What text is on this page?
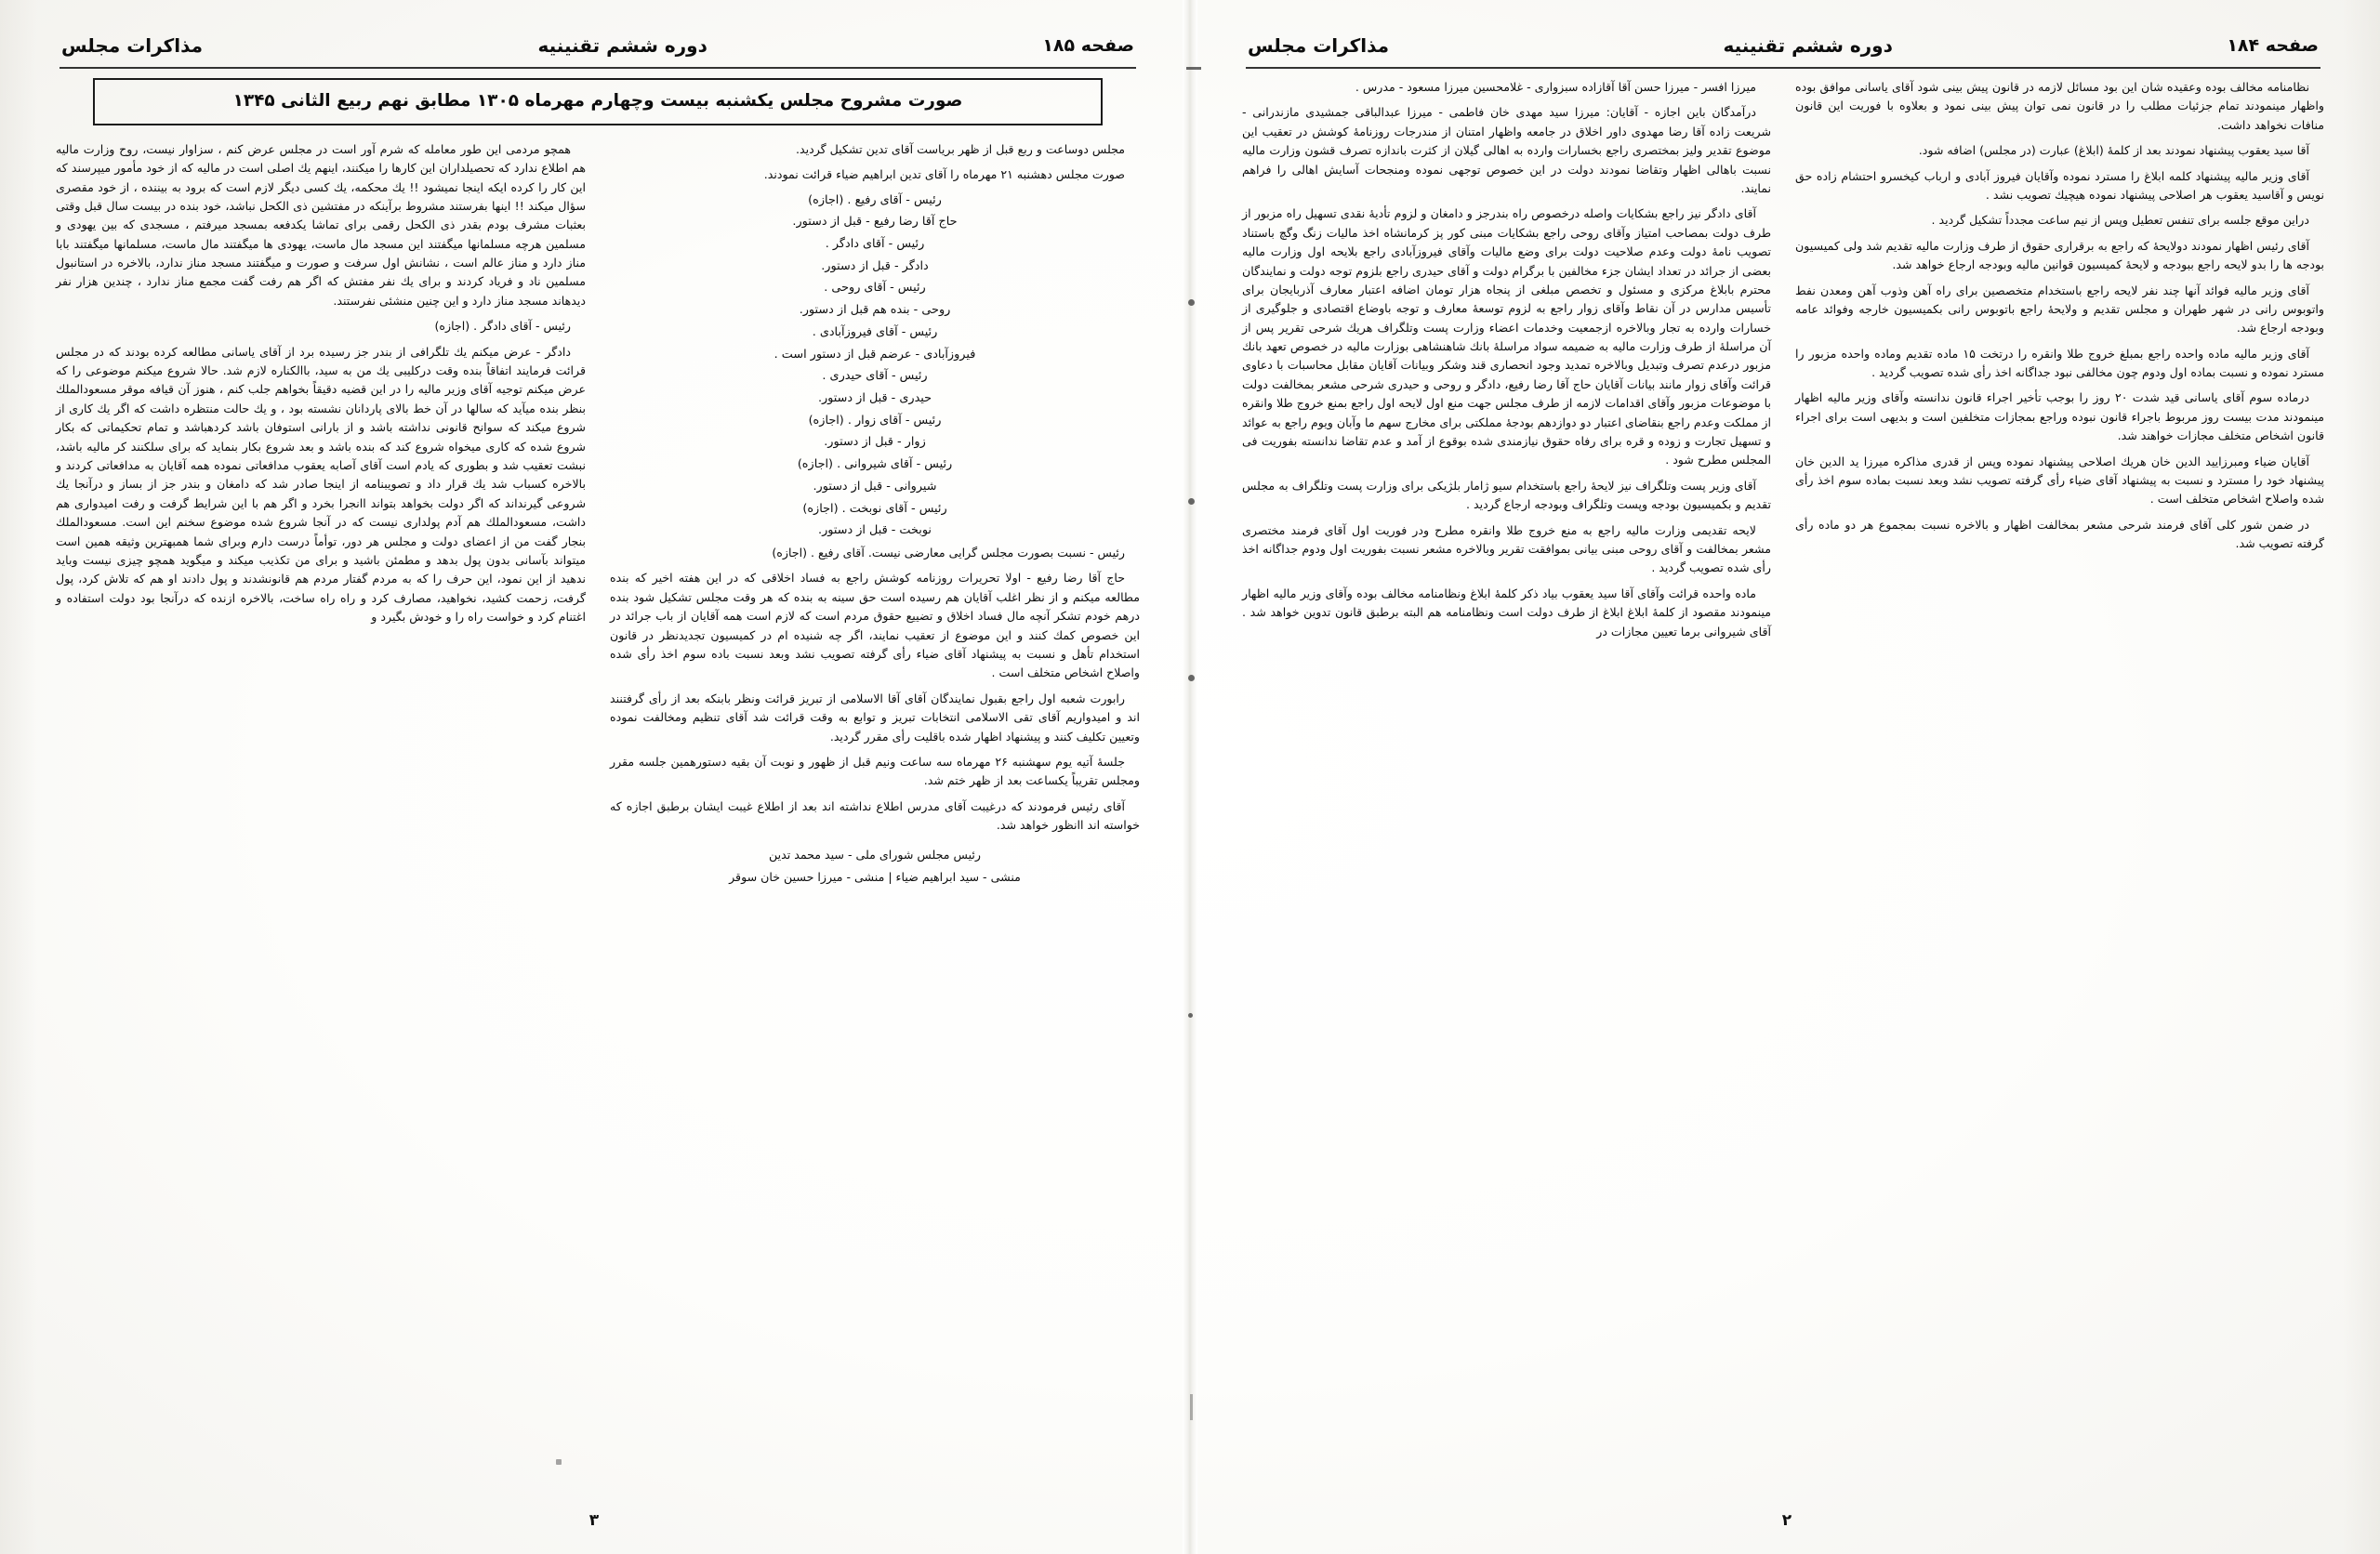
صفحه ۱۸۵
دوره ششم تقنينيه
مذاكرات مجلس
صورت مشروح مجلس يكشنبه بيست وچهارم مهرماه ۱۳۰۵ مطابق نهم ربيع الثانی ۱۳۴۵

مجلس دوساعت و ربع قبل از ظهر برياست آقای تدين تشكيل گرديد.

صورت مجلس دهشنبه ۲۱ مهرماه را آقای تدين ابراهيم ضياء قرائت نمودند.

رئيس - آقای رفيع . (اجازه)

حاج آقا رضا رفيع - قبل از دستور.

رئيس - آقای دادگر .

دادگر - قبل از دستور.

رئيس - آقای روحی .

روحی - بنده هم قبل از دستور.

رئيس - آقای فيروزآبادی .

فيروزآبادی - عرضم قبل از دستور است .

رئيس - آقای حيدری .

حيدری - قبل از دستور.

رئيس - آقای زوار . (اجازه)

زوار - قبل از دستور.

رئيس - آقای شيروانی . (اجازه)

شيروانی - قبل از دستور.

رئيس - آقای نوبخت . (اجازه)

نوبخت - قبل از دستور.

رئيس - نسبت بصورت مجلس گرايی معارضی نيست. آقای رفيع . (اجازه)

حاج آقا رضا رفيع - اولا تحريرات روزنامه كوشش راجع به فساد اخلاقی كه در اين هفته اخير كه بنده مطالعه ميكنم و از نظر اغلب آقايان هم رسيده است حق سينه به بنده كه هر وقت مجلس تشكيل شود بنده درهم خودم تشكر آنچه مال فساد اخلاق و تضييع حقوق مردم است كه لازم است همه آقايان از باب جرائد در اين خصوص كمك كنند و اين موضوع از تعقيب نمايند، اگر چه شنيده ام در كميسيون تجديدنظر در قانون استخدام تأهل و نسبت به پيشنهاد آقای ضياء رأی گرفته تصويب نشد وبعد نسبت باده سوم اخذ رأی شده واصلاح اشخاص متخلف است .

رابورت شعبه اول راجع بقبول نمايندگان آقای آقا الاسلامی از تبريز قرائت ونظر بابنكه بعد از رأی گرفتنند اند و اميدواريم آقای تقی الاسلامی انتخابات تبريز و توابع به وقت قرائت شد آقای تنظيم ومخالفت نموده وتعيين تكليف كنند و پيشنهاد اظهار شده باقليت رأی مقرر گرديد.

جلسهٔ آتيه يوم سهشنبه ۲۶ مهرماه سه ساعت ونيم قبل از ظهور و نوبت آن بقيه دستورهمين جلسه مقرر ومجلس تقريباً يكساعت بعد از ظهر ختم شد.

آقای رئيس فرمودند كه درغيبت آقای مدرس اطلاع نداشته اند بعد از اطلاع غيبت ايشان برطبق اجازه كه خواسته اند اانظور خواهد شد.

رئيس مجلس شورای ملی - سيد محمد تدين

منشی - سيد ابراهيم ضياء | منشی - ميرزا حسين خان سوقر

همچو مردمی اين طور معامله كه شرم آور است در مجلس عرض كنم ، سزاوار نيست، روح وزارت ماليه هم اطلاع ندارد كه تحصيلداران اين كارها را ميكنند، اينهم يك اصلی است در ماليه كه از خود مأمور ميپرسند كه اين كار را كرده ايكه اينجا نميشود !! يك محكمه، يك كسی ديگر لازم است كه برود به بيننده ، از خود مقصری سؤال ميكند !! اينها بفرستند مشروط برآينكه در مفتشين ذی الكحل نباشد، خود بنده در بيست سال قبل وقتی بعثبات مشرف بودم بقدر ذی الكحل رقمی برای تماشا يكدفعه بمسجد ميرفتم ، مسجدی كه بين يهودی و مسلمين هرچه مسلمانها ميگفتند اين مسجد مال ماست، يهودی ها ميگفتند مال ماست، مسلمانها ميگفتند بابا مناز دارد و مناز عالم است ، نشانش اول سرفت و صورت و ميگفتند مسجد مناز ندارد، بالاخره در استانبول مسلمين ناد و فرياد كردند و برای يك نفر مفتش كه اگر هم رفت گفت مجمع مناز ندارد ، چندين هزار نفر ديدهاند مسجد مناز دارد و اين چنين منشئی نفرستند.

رئيس - آقای دادگر . (اجازه)

دادگر - عرض ميكنم يك تلگرافی از بندر جز رسيده برد از آقای ياسانی مطالعه كرده بودند كه در مجلس قرائت فرمايند اتفاقاً بنده وقت دركليبی يك من به سيد، باالكناره لازم شد. حالا شروع ميكنم موضوعی را كه عرض ميكنم توجيه آقای وزير ماليه را در اين قضيه دقيقاً بخواهم جلب كنم ، هنوز آن قيافه موقر مسعودالملك بنظر بنده ميآيد كه سالها در آن خط بالای پاردانان نشسته بود ، و يك حالت منتظره داشت كه اگر يك كاری از شروع ميكند كه سوانح قانونی نداشته باشد و از بارانی استوفان باشد كردهباشد و تمام تحكيماتی كه بكار شروع شده كه كاری ميخواه شروع كند كه بنده باشد و بعد شروع بكار بنمايد كه برای سلكنند كر ماليه باشد، نبشت تعقيب شد و بطوری كه يادم است آقای آصابه يعقوب مدافعاتی نموده همه آقايان به مدافعاتی كردند و بالاخره كسباب شد يك قرار داد و تصويبنامه از اينجا صادر شد كه دامغان و بندر جز از بساز و درآنجا يك شروعی گيرنداند كه اگر دولت بخواهد بتواند اانجرا بخرد و اگر هم با اين شرايط گرفت و رفت اميدواری هم داشت، مسعودالملك هم آدم پولداری نيست كه در آنجا شروع شده موضوع سخنم اين است. مسعودالملك بنجار گفت من از اعضای دولت و مجلس هر دور، توأماً درست دارم وبرای شما همبهترين وثيقه همين است ميتواند بآسانی بدون پول بدهد و مطمئن باشيد و برای من تكذيب ميكند و ميگويد همچو چيزی نيست وبايد ندهيد از اين نمود، اين حرف را كه به مردم گفتار مردم هم قانونشدند و پول دادند او هم كه تلاش كرد، پول گرفت، زحمت كشيد، نخواهيد، مصارف كرد و راه راه ساخت، بالاخره ازنده كه درآنجا بود دولت استفاده و اغتنام كرد و خواست راه را و خودش بگيرد و

۳
صفحه ۱۸۴
دوره ششم تقنينيه
مذاكرات مجلس

نظامنامه مخالف بوده وعقيده شان اين بود مسائل لازمه در قانون پيش بينی شود آقای ياسانی موافق بوده واظهار مينمودند تمام جزئيات مطلب را در قانون نمی توان پيش بينی نمود و بعلاوه با فوريت اين قانون منافات نخواهد داشت.

آقا سيد يعقوب پيشنهاد نمودند بعد از كلمهٔ (ابلاغ) عبارت (در مجلس) اضافه شود.

آقای وزير ماليه پيشنهاد كلمه ابلاغ را مسترد نموده وآقايان فيروز آبادی و ارباب كيخسرو احتشام زاده حق نويس و آقاسيد يعقوب هر اصلاحی پيشنهاد نموده هيچيك تصويب نشد .

دراين موقع جلسه برای تنفس تعطيل وپس از نيم ساعت مجدداً تشكيل گرديد .

آقای رئيس اظهار نمودند دولايحهٔ كه راجع به برقراری حقوق از طرف وزارت ماليه تقديم شد ولی كميسيون بودجه ها را بدو لايحه راجع ببودجه و لايحهٔ كميسيون قوانين ماليه وبودجه ارجاع خواهد شد.

آقای وزير ماليه فوائد آنها چند نفر لايحه راجع باستخدام متخصصين برای راه آهن وذوب آهن ومعدن نفط واتوبوس رانی در شهر طهران و مجلس تقديم و ولايحهٔ راجع باتوبوس رانی بكميسيون خارجه وفوائد عامه وبودجه ارجاع شد.

آقای وزير ماليه ماده واحده راجع بمبلغ خروج طلا وانقره را درتخت ۱۵ ماده تقديم وماده واحده مزبور را مسترد نموده و نسبت بماده اول ودوم چون مخالفی نبود جداگانه اخذ رأی شده تصويب گرديد .

درماده سوم آقای ياسانی قيد شدت ۲۰ روز را بوجب تأخير اجراء قانون ندانسته وآقای وزير ماليه اظهار مينمودند مدت بيست روز مربوط باجراء قانون نبوده وراجع بمجازات متخلفين است و بديهی است برای اجراء قانون اشخاص متخلف مجازات خواهند شد.

آقايان ضياء ومبرزاييد الدين خان هريك اصلاحی پيشنهاد نموده وپس از قدری مذاكره ميرزا يد الدين خان پيشنهاد خود را مسترد و نسبت به پيشنهاد آقای ضياء رأی گرفته تصويب نشد وبعد نسبت بماده سوم اخذ رأی شده واصلاح اشخاص متخلف است .

در ضمن شور كلی آقای فرمند شرحی مشعر بمخالفت اظهار و بالاخره نسبت بمجموع هر دو ماده رأی گرفته تصويب شد.

ميرزا افسر - ميرزا حسن آقا آقازاده سبزواری - غلامحسين ميرزا مسعود - مدرس .

درآمدگان باين اجازه - آقايان: ميرزا سيد مهدی خان فاطمی - ميرزا عبدالباقی جمشيدی مازندرانی - شريعت زاده آقا رضا مهدوی داور اخلاق در جامعه واظهار امتنان از مندرجات روزنامهٔ كوشش در تعقيب اين موضوع تقدير وليز بمختصری راجع بخسارات وارده به اهالی گيلان از كثرت باندازه تصرف قشون وزارت ماليه نسبت باهالی اظهار وتقاضا نمودند دولت در اين خصوص توجهی نموده ومنجحات آسايش اهالی را فراهم نمايند.

آقای دادگر نيز راجع بشكايات واصله درخصوص راه بندرجز و دامغان و لزوم تأديهٔ نقدی تسهيل راه مزبور از طرف دولت بمصاحب امتياز وآقای روحی راجع بشكايات مبنی كور پز كرمانشاه اخذ ماليات زنگ وگچ باستناد تصويب نامهٔ دولت وعدم صلاحيت دولت برای وضع ماليات وآقای فيروزآبادی راجع بلايحه اول وزارت ماليه بعضی از جرائد در تعداد ايشان جزء مخالفين با برگرام دولت و آقای حيدری راجع بلزوم توجه دولت و نمايندگان محترم بابلاغ مركزی و مسئول و تخصص مبلغی از پنجاه هزار تومان اضافه اعتبار معارف آذربايجان برای تأسيس مدارس در آن نقاط وآقای زوار راجع به لزوم توسعهٔ معارف و توجه باوضاع اقتصادی و جلوگيری از خسارات وارده به تجار وبالاخره ازجمعيت وخدمات اعضاء وزارت پست وتلگراف هريك شرحی تقرير پس از آن مراسلهٔ از طرف وزارت ماليه به ضميمه سواد مراسلهٔ بانك شاهنشاهی بوزارت ماليه در خصوص تعهد بانك مزبور درعدم تصرف وتبديل وبالاخره تمديد وجود انحصاری قند وشكر وبيانات آقايان مقابل محاسبات با دعاوی قرائت وآقای زوار مانند بيانات آقايان حاج آقا رضا رفيع، دادگر و روحی و حيدری شرحی مشعر بمخالفت دولت با موضوعات مزبور وآقای اقدامات لازمه از طرف مجلس جهت منع اول لايحه اول راجع بمنع خروج طلا وانقره از مملكت وعدم راجع بنقاضای اعتبار دو دوازدهم بودجهٔ مملكتی برای مخارج سهم ما وآبان ويوم راجع به عوائد و تسهيل تجارت و زوده و قره برای رفاه حقوق نيازمندی شده بوقوع از آمد و عدم تقاضا ندانسته بفوريت فی المجلس مطرح شود .

آقای وزير پست وتلگراف نيز لايحهٔ راجع باستخدام سيو ژامار بلژيكی برای وزارت پست وتلگراف به مجلس تقديم و بكميسيون بودجه وپست وتلگراف وبودجه ارجاع گرديد .

لايحه تقديمی وزارت ماليه راجع به منع خروج طلا وانقره مطرح ودر فوريت اول آقای فرمند مختصری مشعر بمخالفت و آقای روحی مبنی بيانی بموافقت تقرير وبالاخره مشعر نسبت بفوريت اول ودوم جداگانه اخذ رأی شده تصويب گرديد .

ماده واحده قرائت وآقای آقا سيد يعقوب بياد ذكر كلمهٔ ابلاغ ونظامنامه مخالف بوده وآقای وزير ماليه اظهار مينمودند مقصود از كلمهٔ ابلاغ ابلاغ از طرف دولت است ونظامنامه هم البته برطبق قانون تدوين خواهد شد . آقای شيروانی برما تعيين مجازات در

۲
